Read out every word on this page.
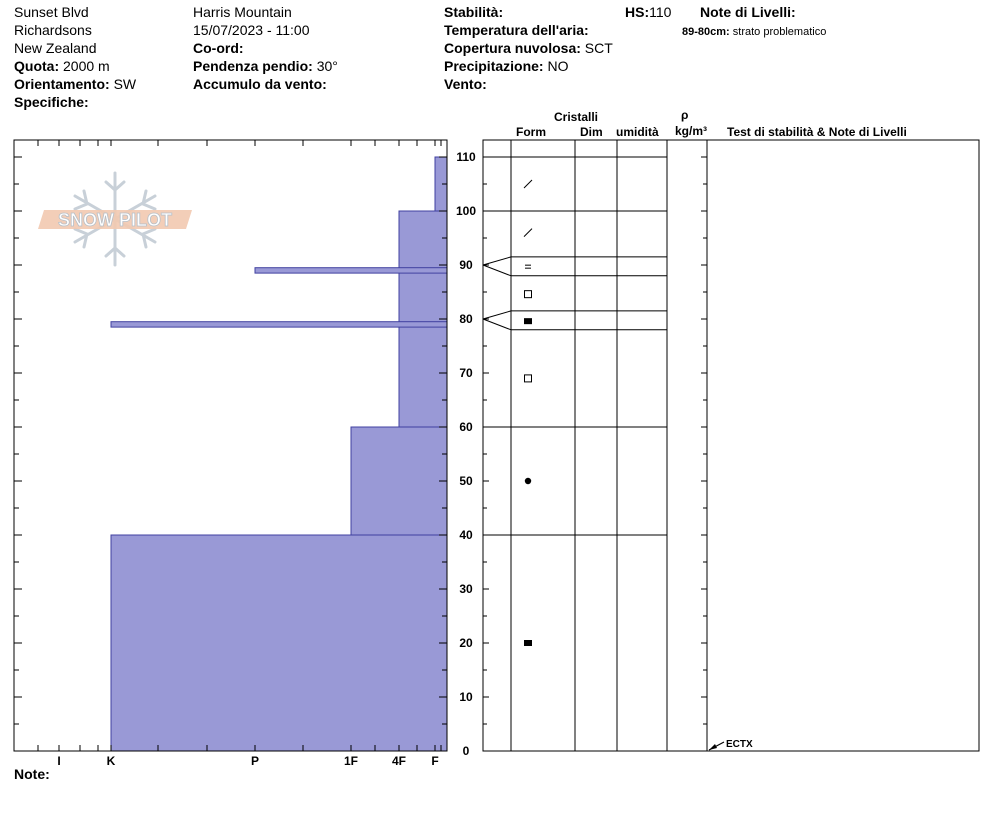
Sunset Blvd
Richardsons
New Zealand
Quota: 2000 m
Orientamento: SW
Specifiche:
Harris Mountain
15/07/2023 - 11:00
Co-ord:
Pendenza pendio: 30°
Accumulo da vento:
Stabilità:
Temperatura dell'aria:
Copertura nuvolosa: SCT
Precipitazione: NO
Vento:
HS:110 Note di Livelli:
89-80cm: strato problematico
Cristalli
Form	Dim umidità
ρ
kg/m³ Test di stabilità & Note di Livelli
Note:
SNOW PILOT
I	K	P	1F	4F F
0
10
20
30
40
50
60
70
80
90
100
110
ECTX
